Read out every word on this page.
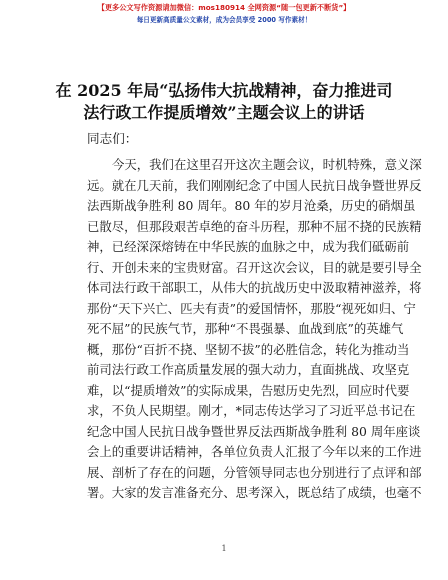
【更多公文写作资源请加微信：mos180914 全网资源“随一包更新不断货”】
每日更新高质量公文素材，成为会员享受 2000 写作素材！
在 2025 年局“弘扬伟大抗战精神，奋力推进司
法行政工作提质增效”主题会议上的讲话
同志们：
今天，我们在这里召开这次主题会议，时机特殊，意义深
远。就在几天前，我们刚刚纪念了中国人民抗日战争暨世界反
法西斯战争胜利 80 周年。80 年的岁月沧桑，历史的硝烟虽
已散尽，但那段艰苦卓绝的奋斗历程，那种不屈不挠的民族精
神，已经深深熔铸在中华民族的血脉之中，成为我们砥砺前
行、开创未来的宝贵财富。召开这次会议，目的就是要引导全
体司法行政干部职工，从伟大的抗战历史中汲取精神滋养，将
那份“天下兴亡、匹夫有责”的爱国情怀，那股“视死如归、宁
死不屈”的民族气节，那种“不畏强暴、血战到底”的英雄气
概，那份“百折不挠、坚韧不拔”的必胜信念，转化为推动当
前司法行政工作高质量发展的强大动力，直面挑战、攻坚克
难，以“提质增效”的实际成果，告慰历史先烈，回应时代要
求，不负人民期望。刚才，*同志传达学习了习近平总书记在
纪念中国人民抗日战争暨世界反法西斯战争胜利 80 周年座谈
会上的重要讲话精神，各单位负责人汇报了今年以来的工作进
展、剖析了存在的问题，分管领导同志也分别进行了点评和部
署。大家的发言准备充分、思考深入，既总结了成绩，也毫不
1
